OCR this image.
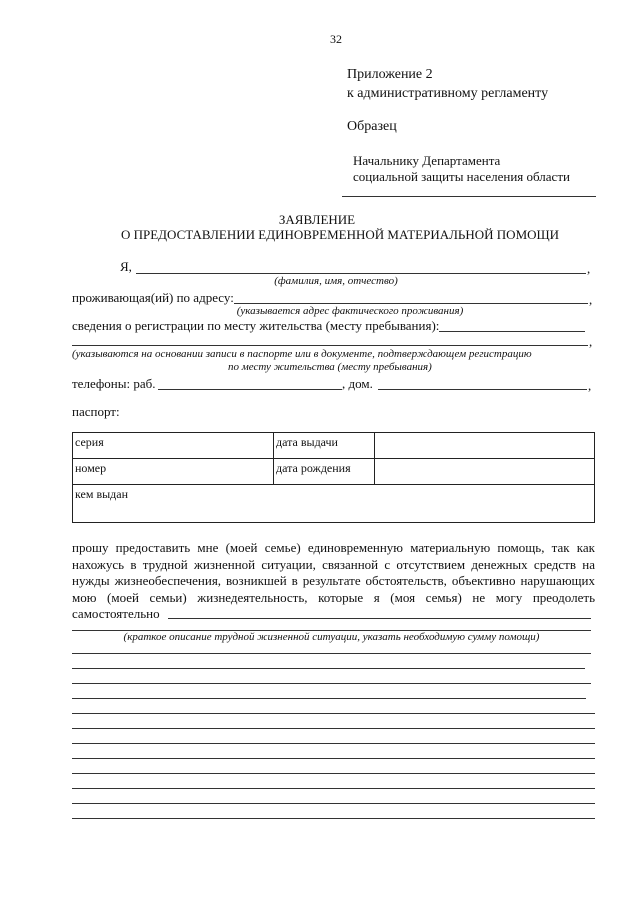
32
Приложение 2
к административному регламенту
Образец
Начальнику Департамента
социальной защиты населения области
ЗАЯВЛЕНИЕ
О ПРЕДОСТАВЛЕНИИ ЕДИНОВРЕМЕННОЙ МАТЕРИАЛЬНОЙ ПОМОЩИ
Я,	,
(фамилия, имя, отчество)
проживающая(ий) по адресу:	,
(указывается адрес фактического проживания)
сведения о регистрации по месту жительства (месту пребывания):
,
(указываются на основании записи в паспорте или в документе, подтверждающем регистрацию
по месту жительства (месту пребывания)
телефоны: раб.	, дом.	,
паспорт:
серия	дата выдачи	
номер	дата рождения	
кем выдан		
прошу предоставить мне (моей семье) единовременную материальную помощь, так как
нахожусь в трудной жизненной ситуации, связанной с отсутствием денежных средств на
нужды жизнеобеспечения, возникшей в результате обстоятельств, объективно нарушающих
мою (моей семьи) жизнедеятельность, которые я (моя семья) не могу преодолеть
самостоятельно
(краткое описание трудной жизненной ситуации, указать необходимую сумму помощи)
